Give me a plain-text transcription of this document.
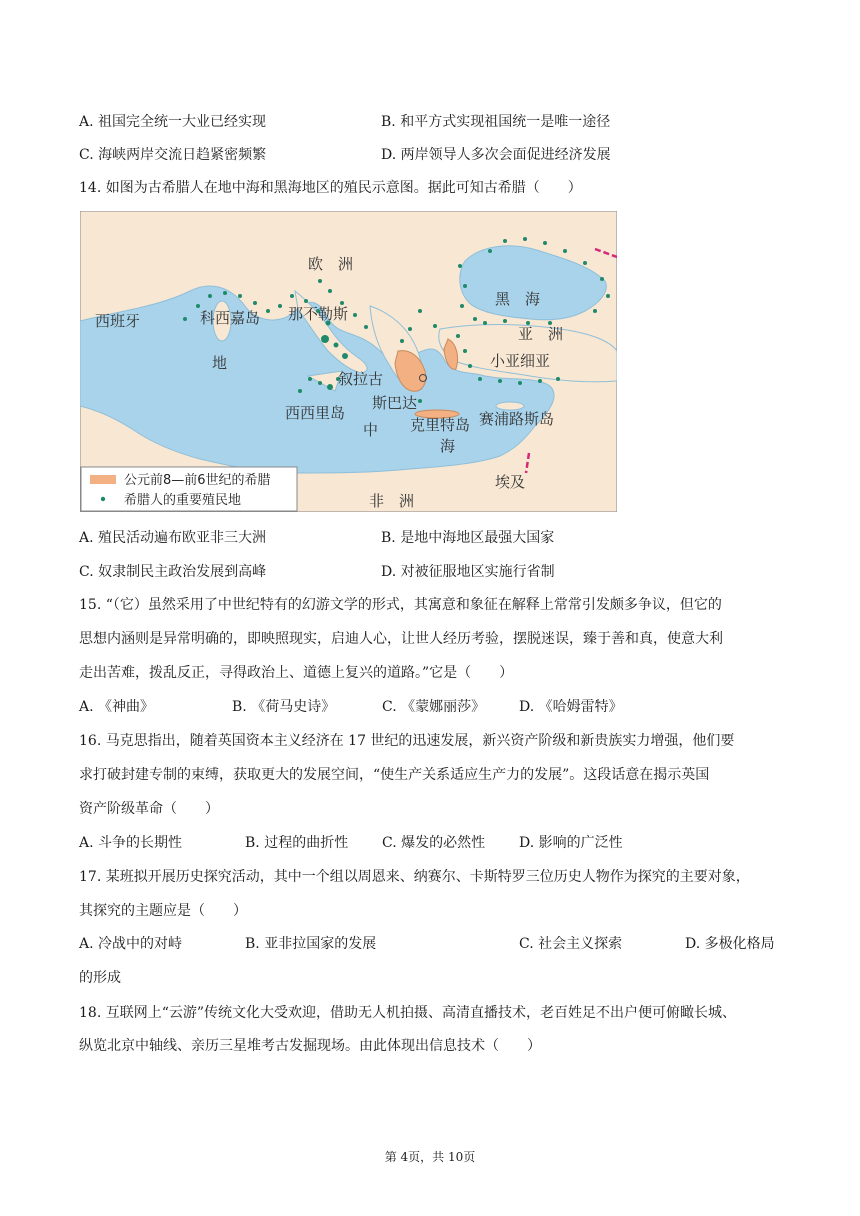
A. 祖国完全统一大业已经实现	B. 和平方式实现祖国统一是唯一途径
C. 海峡两岸交流日趋紧密频繁	D. 两岸领导人多次会面促进经济发展
14. 如图为古希腊人在地中海和黑海地区的殖民示意图。据此可知古希腊（　　）
欧　洲
西班牙	科西嘉岛 那不勒斯
黑　海
亚　洲
小亚细亚
地
叙拉古
西西里岛
斯巴达
中 克里特岛
海
赛浦路斯岛
埃及
非　洲
公元前8—前6世纪的希腊
希腊人的重要殖民地
A. 殖民活动遍布欧亚非三大洲	B. 是地中海地区最强大国家
C. 奴隶制民主政治发展到高峰	D. 对被征服地区实施行省制
15. “（它）虽然采用了中世纪特有的幻游文学的形式，其寓意和象征在解释上常常引发颇多争议，但它的
思想内涵则是异常明确的，即映照现实，启迪人心，让世人经历考验，摆脱迷误，臻于善和真，使意大利
走出苦难，拨乱反正，寻得政治上、道德上复兴的道路。”它是（　　）
A. 《神曲》	B. 《荷马史诗》	C. 《蒙娜丽莎》 D. 《哈姆雷特》
16. 马克思指出，随着英国资本主义经济在 17 世纪的迅速发展，新兴资产阶级和新贵族实力增强，他们要
求打破封建专制的束缚，获取更大的发展空间，“使生产关系适应生产力的发展”。这段话意在揭示英国
资产阶级革命（　　）
A. 斗争的长期性	B. 过程的曲折性 C. 爆发的必然性 D. 影响的广泛性
17. 某班拟开展历史探究活动，其中一个组以周恩来、纳赛尔、卡斯特罗三位历史人物作为探究的主要对象，
其探究的主题应是（　　）
A. 冷战中的对峙	B. 亚非拉国家的发展	C. 社会主义探索	D. 多极化格局
的形成
18. 互联网上“云游”传统文化大受欢迎，借助无人机拍摄、高清直播技术，老百姓足不出户便可俯瞰长城、
纵览北京中轴线、亲历三星堆考古发掘现场。由此体现出信息技术（　　）
第 4页，共 10页
